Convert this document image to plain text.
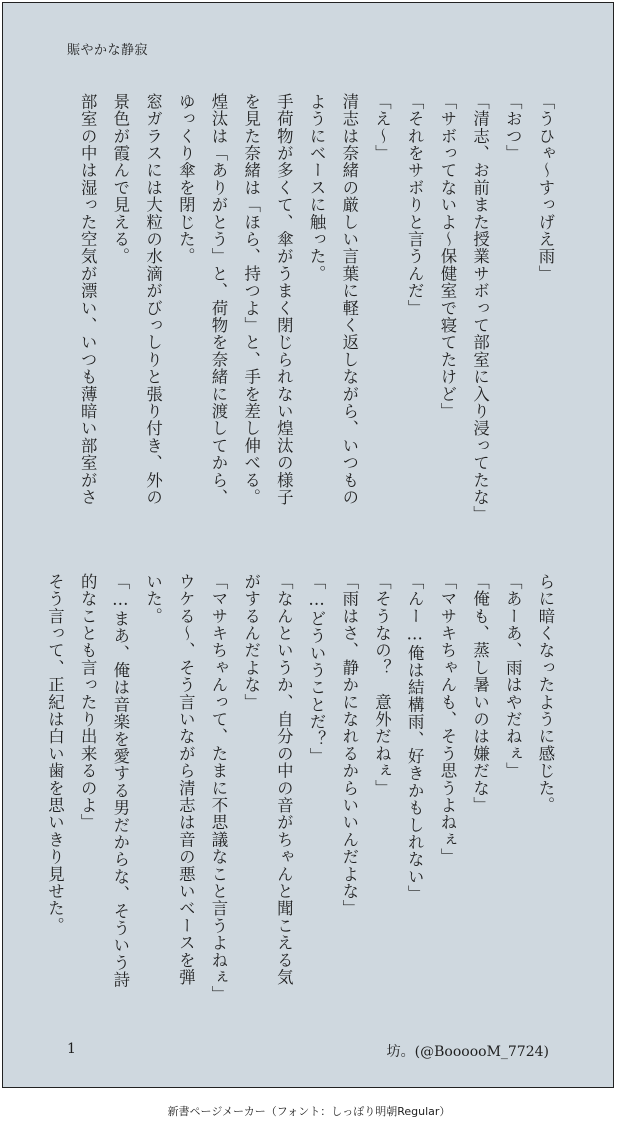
賑やかな静寂
「うひゃ〜すっげえ雨」
「おつ」
「清志、お前また授業サボって部室に入り浸ってたな」
「サボってないよ〜保健室で寝てたけど」
「それをサボりと言うんだ」
「え〜」
清志は奈緒の厳しい言葉に軽く返しながら、いつもの
ようにベースに触った。
手荷物が多くて、傘がうまく閉じられない煌汰の様子
を見た奈緒は「ほら、持つよ」と、手を差し伸べる。
煌汰は「ありがとう」と、荷物を奈緒に渡してから、
ゆっくり傘を閉じた。
窓ガラスには大粒の水滴がびっしりと張り付き、外の
景色が霞んで見える。
部室の中は湿った空気が漂い、いつも薄暗い部室がさ
らに暗くなったように感じた。
「あーあ、雨はやだねぇ」
「俺も、蒸し暑いのは嫌だな」
「マサキちゃんも、そう思うよねぇ」
「んー…俺は結構雨、好きかもしれない」
「そうなの？　意外だねぇ」
「雨はさ、静かになれるからいいんだよな」
「…どういうことだ？」
「なんというか、自分の中の音がちゃんと聞こえる気
がするんだよな」
「マサキちゃんって、たまに不思議なこと言うよねぇ」
ウケる〜、そう言いながら清志は音の悪いベースを弾
いた。
「…まあ、俺は音楽を愛する男だからな、そういう詩
的なことも言ったり出来るのよ」
そう言って、正紀は白い歯を思いきり見せた。
1	坊。(@BoooooM_7724)
新書ページメーカー（フォント：しっぽり明朝Regular）
